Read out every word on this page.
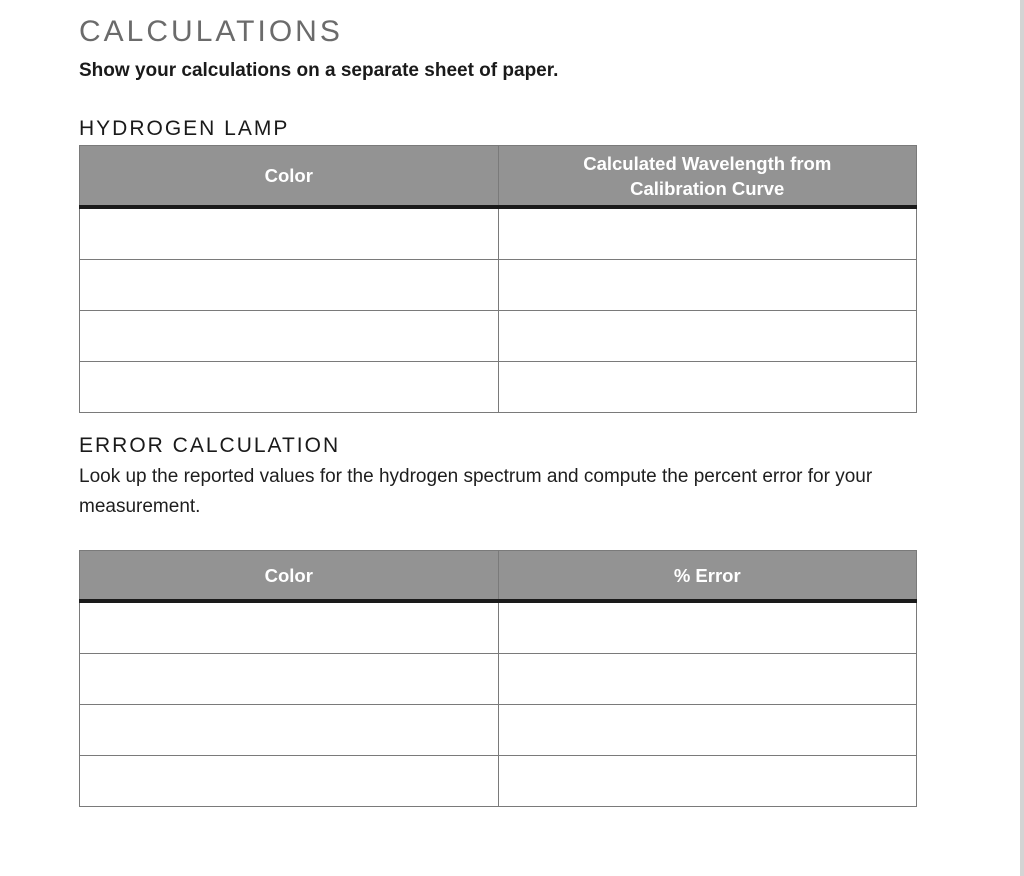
CALCULATIONS

Show your calculations on a separate sheet of paper.

HYDROGEN LAMP
Color	Calculated Wavelength from Calibration Curve

ERROR CALCULATION

Look up the reported values for the hydrogen spectrum and compute the percent error for your measurement.

Color	% Error
